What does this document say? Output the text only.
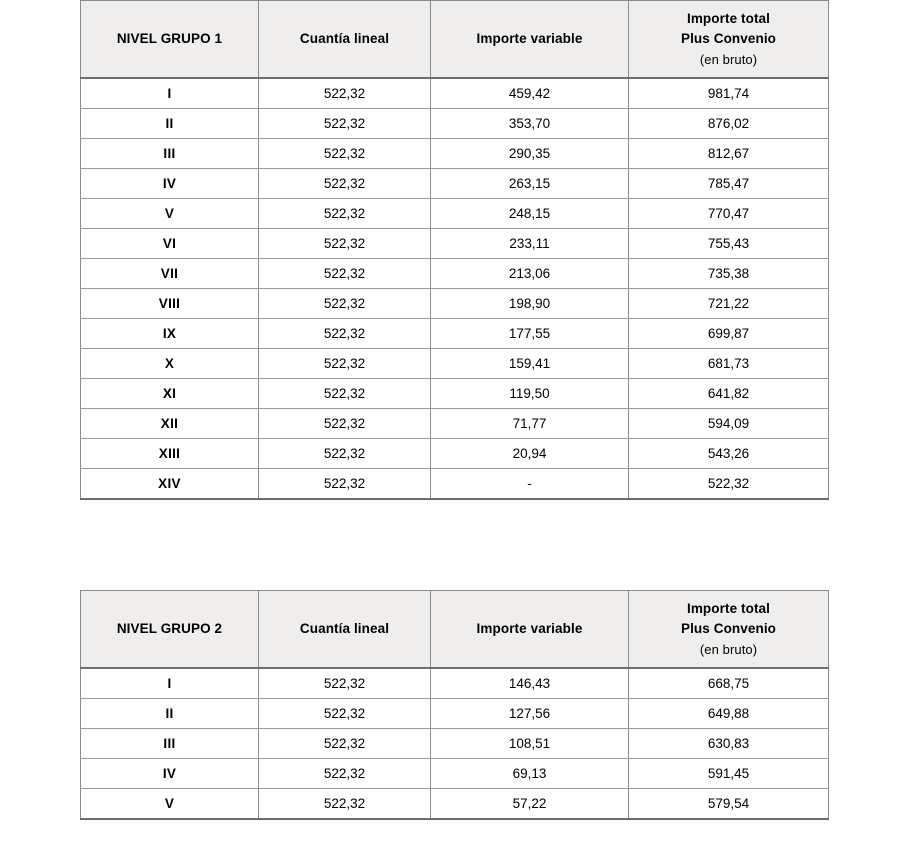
NIVEL GRUPO 1	Cuantía lineal	Importe variable	Importe total
Plus Convenio
(en bruto)

I	522,32	459,42	981,74
II	522,32	353,70	876,02
III	522,32	290,35	812,67
IV	522,32	263,15	785,47
V	522,32	248,15	770,47
VI	522,32	233,11	755,43
VII	522,32	213,06	735,38
VIII	522,32	198,90	721,22
IX	522,32	177,55	699,87
X	522,32	159,41	681,73
XI	522,32	119,50	641,82
XII	522,32	71,77	594,09
XIII	522,32	20,94	543,26
XIV	522,32	-	522,32
NIVEL GRUPO 2	Cuantía lineal	Importe variable	Importe total
Plus Convenio
(en bruto)

I	522,32	146,43	668,75
II	522,32	127,56	649,88
III	522,32	108,51	630,83
IV	522,32	69,13	591,45
V	522,32	57,22	579,54
